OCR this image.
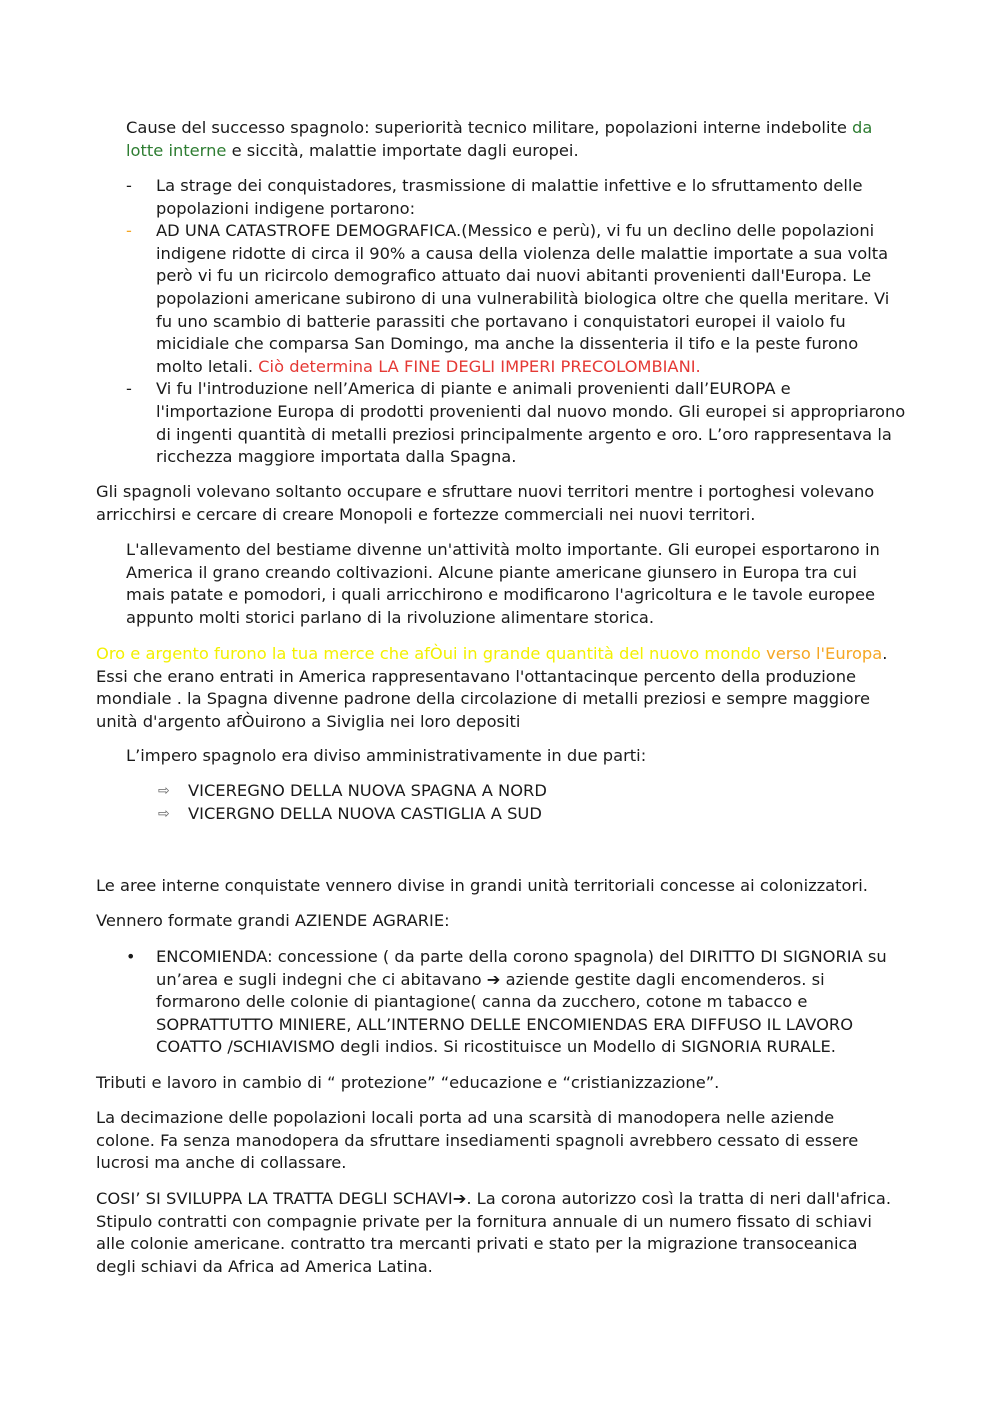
Cause del successo spagnolo: superiorità tecnico militare, popolazioni interne indebolite da lotte interne e siccità, malattie importate dagli europei.

-	La strage dei conquistadores, trasmissione di malattie infettive e lo sfruttamento delle popolazioni indigene portarono:
-	AD UNA CATASTROFE DEMOGRAFICA.(Messico e perù), vi fu un declino delle popolazioni indigene ridotte di circa il 90% a causa della violenza delle malattie importate a sua volta però vi fu un ricircolo demografico attuato dai nuovi abitanti provenienti dall'Europa. Le popolazioni americane subirono di una vulnerabilità biologica oltre che quella meritare. Vi fu uno scambio di batterie parassiti che portavano i conquistatori europei il vaiolo fu micidiale che comparsa San Domingo, ma anche la dissenteria il tifo e la peste furono molto letali. Ciò determina LA FINE DEGLI IMPERI PRECOLOMBIANI.
-	Vi fu l'introduzione nell’America di piante e animali provenienti dall’EUROPA e l'importazione Europa di prodotti provenienti dal nuovo mondo. Gli europei si appropriarono di ingenti quantità di metalli preziosi principalmente argento e oro. L’oro rappresentava la ricchezza maggiore importata dalla Spagna.

Gli spagnoli volevano soltanto occupare e sfruttare nuovi territori mentre i portoghesi volevano arricchirsi e cercare di creare Monopoli e fortezze commerciali nei nuovi territori.

L'allevamento del bestiame divenne un'attività molto importante. Gli europei esportarono in America il grano creando coltivazioni. Alcune piante americane giunsero in Europa tra cui mais patate e pomodori, i quali arricchirono e modificarono l'agricoltura e le tavole europee appunto molti storici parlano di la rivoluzione alimentare storica.

Oro e argento furono la tua merce che afÒui in grande quantità del nuovo mondo verso l'Europa. Essi che erano entrati in America rappresentavano l'ottantacinque percento della produzione mondiale . la Spagna divenne padrone della circolazione di metalli preziosi e sempre maggiore unità d'argento afÒuirono a Siviglia nei loro depositi

L’impero spagnolo era diviso amministrativamente in due parti:

⇨	VICEREGNO DELLA NUOVA SPAGNA A NORD
⇨	VICERGNO DELLA NUOVA CASTIGLIA A SUD

Le aree interne conquistate vennero divise in grandi unità territoriali concesse ai colonizzatori.

Vennero formate grandi AZIENDE AGRARIE:

•	ENCOMIENDA: concessione ( da parte della corono spagnola) del DIRITTO DI SIGNORIA su un’area e sugli indegni che ci abitavano ➔ aziende gestite dagli encomenderos. si formarono delle colonie di piantagione( canna da zucchero, cotone m tabacco e SOPRATTUTTO MINIERE, ALL’INTERNO DELLE ENCOMIENDAS ERA DIFFUSO IL LAVORO COATTO /SCHIAVISMO degli indios. Si ricostituisce un Modello di SIGNORIA RURALE.

Tributi e lavoro in cambio di “ protezione” “educazione e “cristianizzazione”.

La decimazione delle popolazioni locali porta ad una scarsità di manodopera nelle aziende colone. Fa senza manodopera da sfruttare insediamenti spagnoli avrebbero cessato di essere lucrosi ma anche di collassare.

COSI’ SI SVILUPPA LA TRATTA DEGLI SCHAVI➔. La corona autorizzo così la tratta di neri dall'africa. Stipulo contratti con compagnie private per la fornitura annuale di un numero fissato di schiavi alle colonie americane. contratto tra mercanti privati e stato per la migrazione transoceanica degli schiavi da Africa ad America Latina.
